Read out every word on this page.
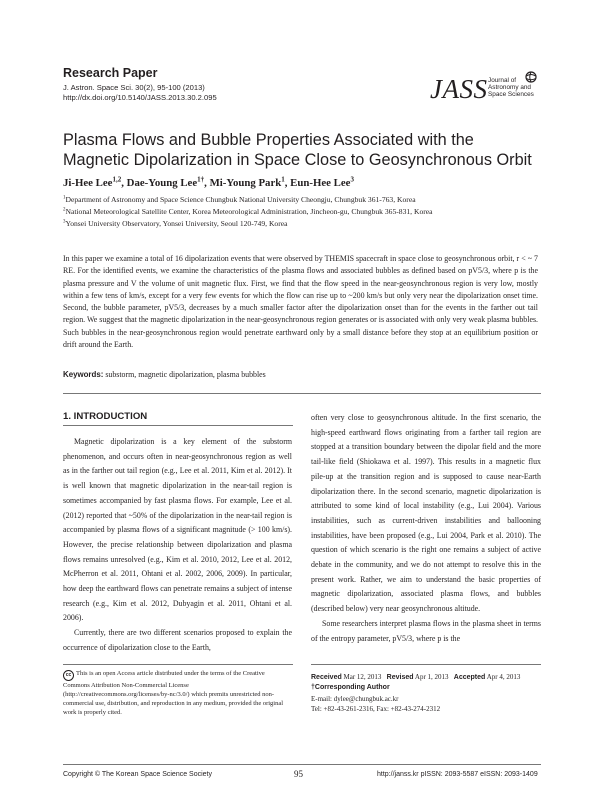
Research Paper
J. Astron. Space Sci. 30(2), 95-100 (2013)
http://dx.doi.org/10.5140/JASS.2013.30.2.095	JASS Journal of
Astronomy and
Space Sciences
Plasma Flows and Bubble Properties Associated with the Magnetic Dipolarization in Space Close to Geosynchronous Orbit
Ji-Hee Lee$^{1,2}$, Dae-Young Lee$^{1\dagger}$, Mi-Young Park$^1$, Eun-Hee Lee$^3$
$^1$Department of Astronomy and Space Science Chungbuk National University Cheongju, Chungbuk 361-763, Korea
$^2$National Meteorological Satellite Center, Korea Meteorological Administration, Jincheon-gu, Chungbuk 365-831, Korea
$^3$Yonsei University Observatory, Yonsei University, Seoul 120-749, Korea
In this paper we examine a total of 16 dipolarization events that were observed by THEMIS spacecraft in space close to geosynchronous orbit, r < ~ 7 RE. For the identified events, we examine the characteristics of the plasma flows and associated bubbles as defined based on pV5/3, where p is the plasma pressure and V the volume of unit magnetic flux. First, we find that the flow speed in the near-geosynchronous region is very low, mostly within a few tens of km/s, except for a very few events for which the flow can rise up to ~200 km/s but only very near the dipolarization onset time. Second, the bubble parameter, pV5/3, decreases by a much smaller factor after the dipolarization onset than for the events in the farther out tail region. We suggest that the magnetic dipolarization in the near-geosynchronous region generates or is associated with only very weak plasma bubbles. Such bubbles in the near-geosynchronous region would penetrate earthward only by a small distance before they stop at an equilibrium position or drift around the Earth.
Keywords: substorm, magnetic dipolarization, plasma bubbles
1. INTRODUCTION

Magnetic dipolarization is a key element of the substorm phenomenon, and occurs often in near-geosynchronous region as well as in the farther out tail region (e.g., Lee et al. 2011, Kim et al. 2012). It is well known that magnetic dipolarization in the near-tail region is sometimes accompanied by fast plasma flows. For example, Lee et al. (2012) reported that ~50% of the dipolarization in the near-tail region is accompanied by plasma flows of a significant magnitude (> 100 km/s). However, the precise relationship between dipolarization and plasma flows remains unresolved (e.g., Kim et al. 2010, 2012, Lee et al. 2012, McPherron et al. 2011, Ohtani et al. 2002, 2006, 2009). In particular, how deep the earthward flows can penetrate remains a subject of intense research (e.g., Kim et al. 2012, Dubyagin et al. 2011, Ohtani et al. 2006).

Currently, there are two different scenarios proposed to explain the occurrence of dipolarization close to the Earth,

often very close to geosynchronous altitude. In the first scenario, the high-speed earthward flows originating from a farther tail region are stopped at a transition boundary between the dipolar field and the more tail-like field (Shiokawa et al. 1997). This results in a magnetic flux pile-up at the transition region and is supposed to cause near-Earth dipolarization there. In the second scenario, magnetic dipolarization is attributed to some kind of local instability (e.g., Lui 2004). Various instabilities, such as current-driven instabilities and ballooning instabilities, have been proposed (e.g., Lui 2004, Park et al. 2010). The question of which scenario is the right one remains a subject of active debate in the community, and we do not attempt to resolve this in the present work. Rather, we aim to understand the basic properties of magnetic dipolarization, associated plasma flows, and bubbles (described below) very near geosynchronous altitude.

Some researchers interpret plasma flows in the plasma sheet in terms of the entropy parameter, pV5/3, where p is the

cc This is an open Access article distributed under the terms of the Creative Commons Attribution Non-Commercial License (http://creativecommons.org/licenses/by-nc/3.0/) which premits unrestricted non-commercial use, distribution, and reproduction in any medium, provided the original work is properly cited.
Received Mar 12, 2013 Revised Apr 1, 2013 Accepted Apr 4, 2013
†Corresponding Author
E-mail: dylee@chungbuk.ac.kr
Tel: +82-43-261-2316, Fax: +82-43-274-2312
Copyright © The Korean Space Science Society	95	http://janss.kr pISSN: 2093-5587 eISSN: 2093-1409
